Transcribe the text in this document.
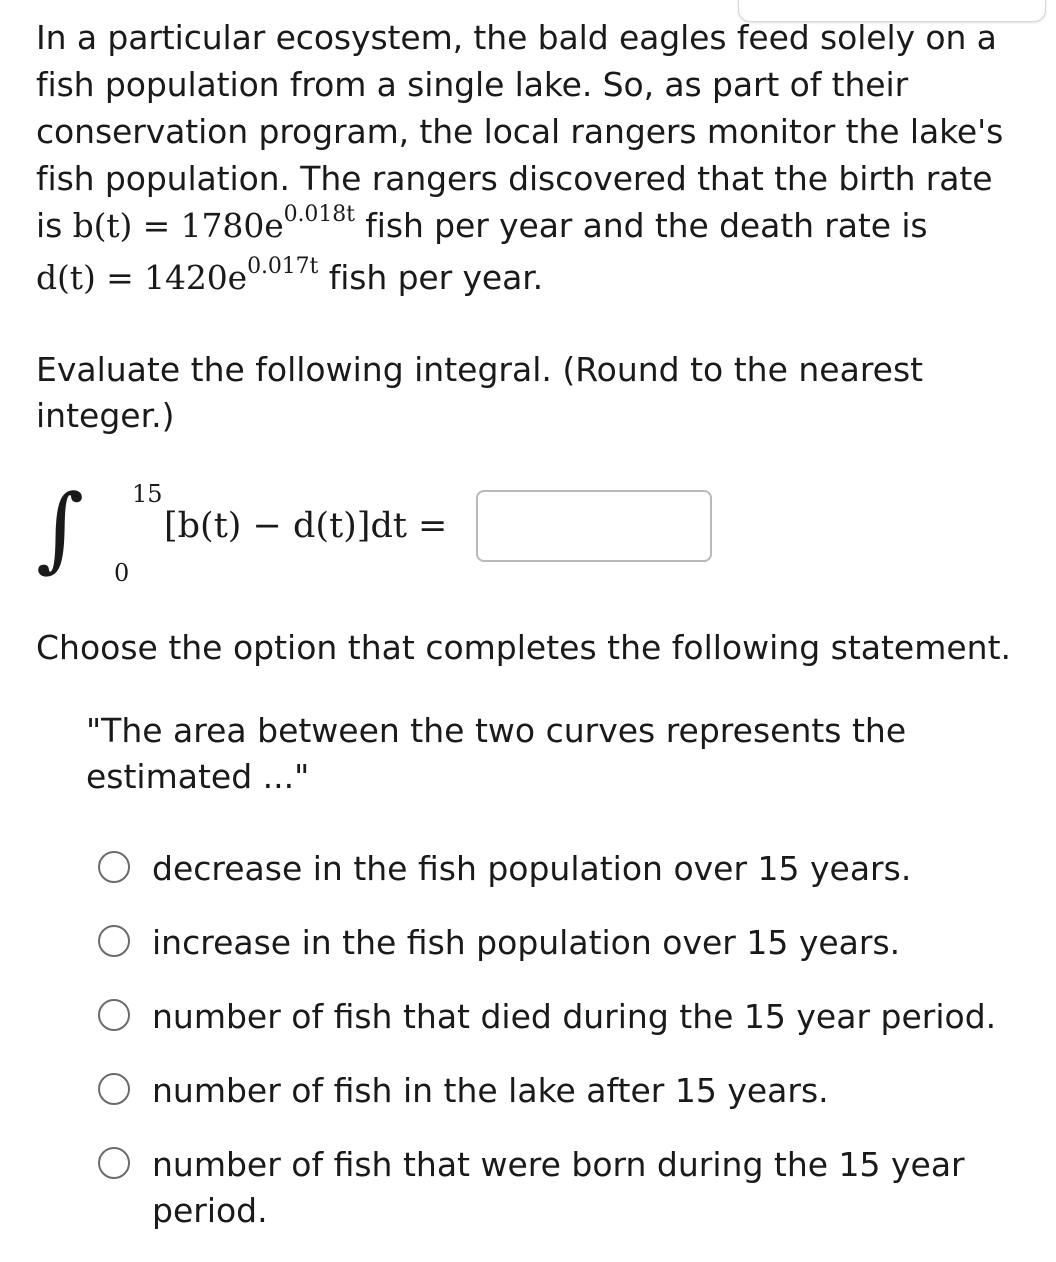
In a particular ecosystem, the bald eagles feed solely on a fish population from a single lake. So, as part of their conservation program, the local rangers monitor the lake's fish population. The rangers discovered that the birth rate is $b(t) = 1780e^{0.018t}$ fish per year and the death rate is
$d(t) = 1420e^{0.017t}$ fish per year.

Evaluate the following integral. (Round to the nearest integer.)
∫ 15
0
[b(t) − d(t)]dt =
Choose the option that completes the following statement.
"The area between the two curves represents the estimated ..."
decrease in the fish population over 15 years.
increase in the fish population over 15 years.
number of fish that died during the 15 year period.
number of fish in the lake after 15 years.
number of fish that were born during the 15 year period.
